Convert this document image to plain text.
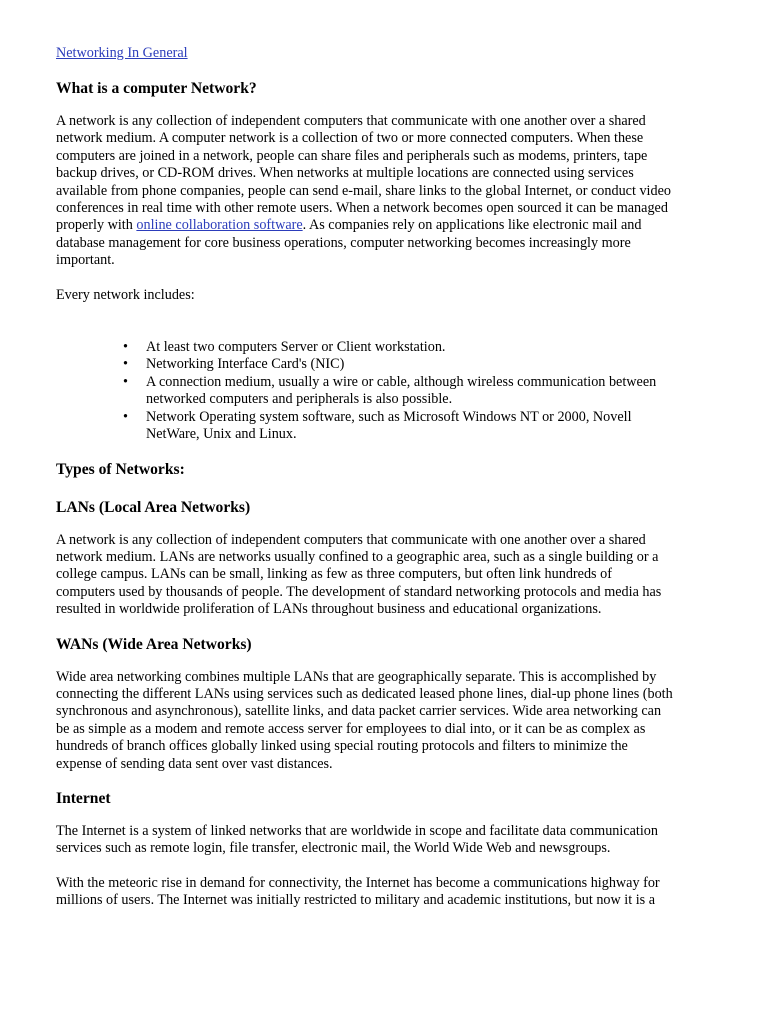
Networking In General
What is a computer Network?

A network is any collection of independent computers that communicate with one another over a shared
network medium. A computer network is a collection of two or more connected computers. When these
computers are joined in a network, people can share files and peripherals such as modems, printers, tape
backup drives, or CD-ROM drives. When networks at multiple locations are connected using services
available from phone companies, people can send e-mail, share links to the global Internet, or conduct video
conferences in real time with other remote users. When a network becomes open sourced it can be managed
properly with online collaboration software. As companies rely on applications like electronic mail and
database management for core business operations, computer networking becomes increasingly more
important.

Every network includes:

• At least two computers Server or Client workstation.
• Networking Interface Card's (NIC)
• A connection medium, usually a wire or cable, although wireless communication between
networked computers and peripherals is also possible.
• Network Operating system software, such as Microsoft Windows NT or 2000, Novell
NetWare, Unix and Linux.
Types of Networks:
LANs (Local Area Networks)

A network is any collection of independent computers that communicate with one another over a shared
network medium. LANs are networks usually confined to a geographic area, such as a single building or a
college campus. LANs can be small, linking as few as three computers, but often link hundreds of
computers used by thousands of people. The development of standard networking protocols and media has
resulted in worldwide proliferation of LANs throughout business and educational organizations.

WANs (Wide Area Networks)

Wide area networking combines multiple LANs that are geographically separate. This is accomplished by
connecting the different LANs using services such as dedicated leased phone lines, dial-up phone lines (both
synchronous and asynchronous), satellite links, and data packet carrier services. Wide area networking can
be as simple as a modem and remote access server for employees to dial into, or it can be as complex as
hundreds of branch offices globally linked using special routing protocols and filters to minimize the
expense of sending data sent over vast distances.

Internet

The Internet is a system of linked networks that are worldwide in scope and facilitate data communication
services such as remote login, file transfer, electronic mail, the World Wide Web and newsgroups.

With the meteoric rise in demand for connectivity, the Internet has become a communications highway for
millions of users. The Internet was initially restricted to military and academic institutions, but now it is a
